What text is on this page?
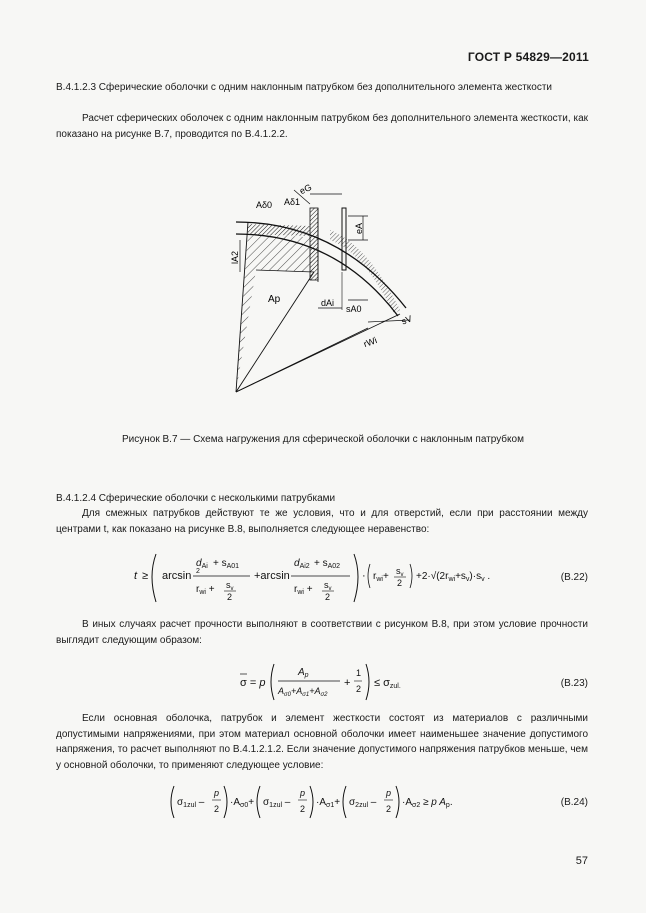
ГОСТ Р 54829—2011
В.4.1.2.3 Сферические оболочки с одним наклонным патрубком без дополнительного элемента жесткости
Расчет сферических оболочек с одним наклонным патрубком без дополнительного элемента жесткости, как показано на рисунке В.7, проводится по В.4.1.2.2.
Aδ0 Aδ1
eG
eA
lA2
Ap	dAi
sA0
sV
rWi
Рисунок В.7 — Схема нагружения для сферической оболочки с наклонным патрубком
В.4.1.2.4 Сферические оболочки с несколькими патрубками
Для смежных патрубков действуют те же условия, что и для отверстий, если при расстоянии между центрами t, как показано на рисунке В.8, выполняется следующее неравенство:
t ≥ arcsin
$d_{Ai} + s_{A01}$
2
$r_{wi} + s_v$
2
+arcsin
$d_{Ai2} + s_{A02}$
$r_{wi} + s_v$
2
· $r_{wi}+ s_v$
2
$+2\cdot√(2r_{wi}+s_v)\cdot s_v$ .	(В.22)
В иных случаях расчет прочности выполняют в соответствии с рисунком В.8, при этом условие прочности выглядит следующим образом:
σ = p
$A_p$
$A_{\sigma 0}+A_{\sigma 1}+A_{\sigma 2}$
+
1
2 ≤ σzul.	(В.23)
Если основная оболочка, патрубок и элемент жесткости состоят из материалов с различными допустимыми напряжениями, при этом материал основной оболочки имеет наименьшее значение допустимого напряжения, то расчет выполняют по В.4.1.2.1.2. Если значение допустимого напряжения патрубков меньше, чем у основной оболочки, то применяют следующее условие:
$\sigma_{1zul}$ –
p
2
$\cdot A_{\sigma 0}+ \sigma_{1zul}$ –
p
2
$\cdot A_{\sigma 1}+ \sigma_{2zul}$ –
p
2
$\cdot A_{\sigma 2} \ge p$ $A_p$.	(В.24)
57
